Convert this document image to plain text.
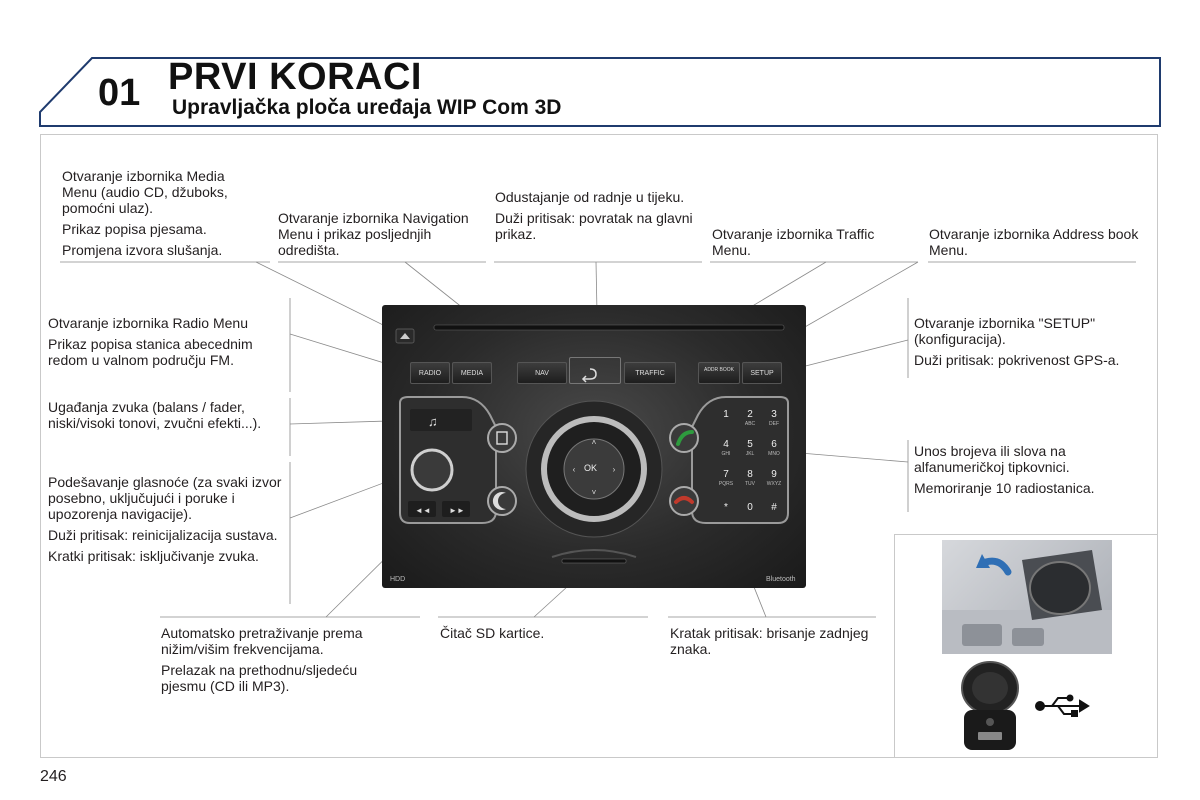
01 PRVI KORACI
Upravljačka ploča uređaja WIP Com 3D

Otvaranje izbornika Media Menu (audio CD, džuboks, pomoćni ulaz).

Prikaz popisa pjesama.

Promjena izvora slušanja.

Otvaranje izbornika Navigation Menu i prikaz posljednjih odredišta.

Odustajanje od radnje u tijeku.

Duži pritisak: povratak na glavni prikaz.	Otvaranje izbornika Traffic Menu.

Otvaranje izbornika Address book Menu.

Otvaranje izbornika Radio Menu

Prikaz popisa stanica abecednim redom u valnom području FM.

Otvaranje izbornika "SETUP" (konfiguracija).

Duži pritisak: pokrivenost GPS-a.

Ugađanja zvuka (balans / fader, niski/visoki tonovi, zvučni efekti...).

Unos brojeva ili slova na alfanumeričkoj tipkovnici.

Memoriranje 10 radiostanica.

Podešavanje glasnoće (za svaki izvor posebno, uključujući i poruke i upozorenja navigacije).

Duži pritisak: reinicijalizacija sustava.

Kratki pritisak: isključivanje zvuka.

Automatsko pretraživanje prema nižim/višim frekvencijama.

Prelazak na prethodnu/sljedeću pjesmu (CD ili MP3).

Čitač SD kartice.	Kratak pritisak: brisanje zadnjeg znaka.

♫
◄◄ ►►
˄
˅
‹	›
RADIO	MEDIA	NAV	TRAFFIC	ADDR BOOK	SETUP
OK
1	2
ABC
3
DEF
4
GHI
5
JKL
6
MNO
7
PQRS
8
TUV
9
WXYZ
*	0	#
HDD	Bluetooth
246
